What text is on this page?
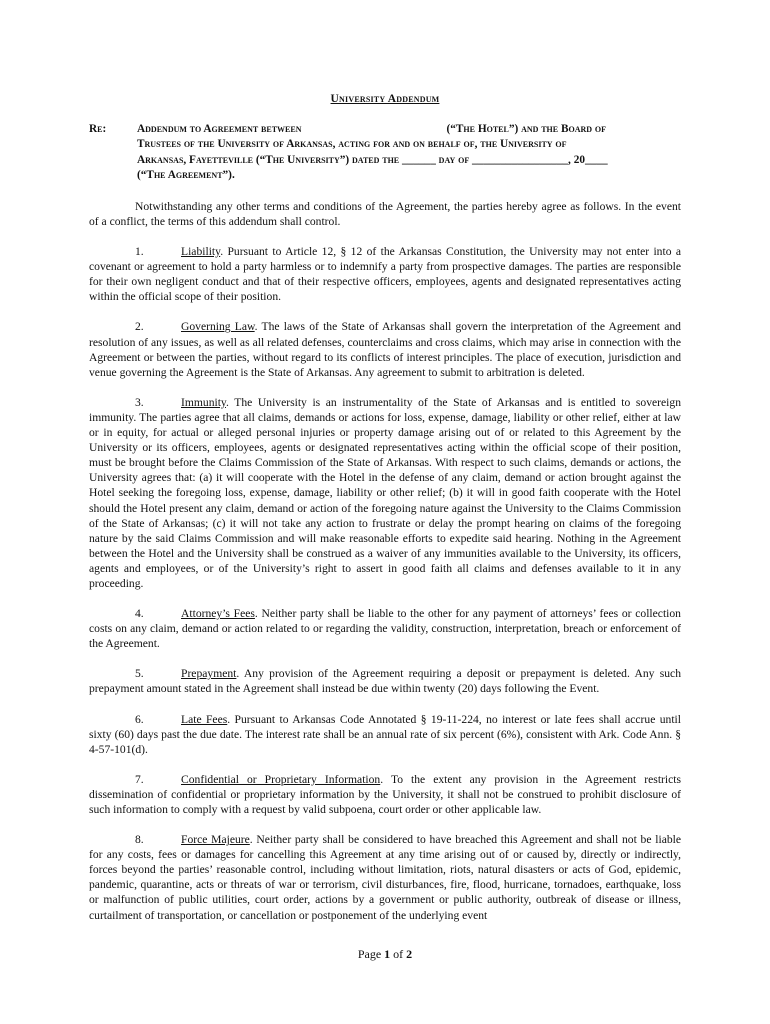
University Addendum
Re:	Addendum to Agreement between	(“The Hotel”) and the Board of
Trustees of the University of Arkansas, acting for and on behalf of, the University of
Arkansas, Fayetteville (“The University”) dated the ______ day of _________________, 20____
(“The Agreement”).

Notwithstanding any other terms and conditions of the Agreement, the parties hereby agree as follows. In the event of a conflict, the terms of this addendum shall control.

1.	Liability. Pursuant to Article 12, § 12 of the Arkansas Constitution, the University may not enter into a covenant or agreement to hold a party harmless or to indemnify a party from prospective damages. The parties are responsible for their own negligent conduct and that of their respective officers, employees, agents and designated representatives acting within the official scope of their position.

2.	Governing Law. The laws of the State of Arkansas shall govern the interpretation of the Agreement and resolution of any issues, as well as all related defenses, counterclaims and cross claims, which may arise in connection with the Agreement or between the parties, without regard to its conflicts of interest principles. The place of execution, jurisdiction and venue governing the Agreement is the State of Arkansas. Any agreement to submit to arbitration is deleted.

3.	Immunity. The University is an instrumentality of the State of Arkansas and is entitled to sovereign immunity. The parties agree that all claims, demands or actions for loss, expense, damage, liability or other relief, either at law or in equity, for actual or alleged personal injuries or property damage arising out of or related to this Agreement by the University or its officers, employees, agents or designated representatives acting within the official scope of their position, must be brought before the Claims Commission of the State of Arkansas. With respect to such claims, demands or actions, the University agrees that: (a) it will cooperate with the Hotel in the defense of any claim, demand or action brought against the Hotel seeking the foregoing loss, expense, damage, liability or other relief; (b) it will in good faith cooperate with the Hotel should the Hotel present any claim, demand or action of the foregoing nature against the University to the Claims Commission of the State of Arkansas; (c) it will not take any action to frustrate or delay the prompt hearing on claims of the foregoing nature by the said Claims Commission and will make reasonable efforts to expedite said hearing. Nothing in the Agreement between the Hotel and the University shall be construed as a waiver of any immunities available to the University, its officers, agents and employees, or of the University’s right to assert in good faith all claims and defenses available to it in any proceeding.

4.	Attorney’s Fees. Neither party shall be liable to the other for any payment of attorneys’ fees or collection costs on any claim, demand or action related to or regarding the validity, construction, interpretation, breach or enforcement of the Agreement.

5.	Prepayment. Any provision of the Agreement requiring a deposit or prepayment is deleted. Any such prepayment amount stated in the Agreement shall instead be due within twenty (20) days following the Event.

6.	Late Fees. Pursuant to Arkansas Code Annotated § 19-11-224, no interest or late fees shall accrue until sixty (60) days past the due date. The interest rate shall be an annual rate of six percent (6%), consistent with Ark. Code Ann. § 4-57-101(d).

7.	Confidential or Proprietary Information. To the extent any provision in the Agreement restricts dissemination of confidential or proprietary information by the University, it shall not be construed to prohibit disclosure of such information to comply with a request by valid subpoena, court order or other applicable law.

8.	Force Majeure. Neither party shall be considered to have breached this Agreement and shall not be liable for any costs, fees or damages for cancelling this Agreement at any time arising out of or caused by, directly or indirectly, forces beyond the parties’ reasonable control, including without limitation, riots, natural disasters or acts of God, epidemic, pandemic, quarantine, acts or threats of war or terrorism, civil disturbances, fire, flood, hurricane, tornadoes, earthquake, loss or malfunction of public utilities, court order, actions by a government or public authority, outbreak of disease or illness, curtailment of transportation, or cancellation or postponement of the underlying event

Page 1 of 2
